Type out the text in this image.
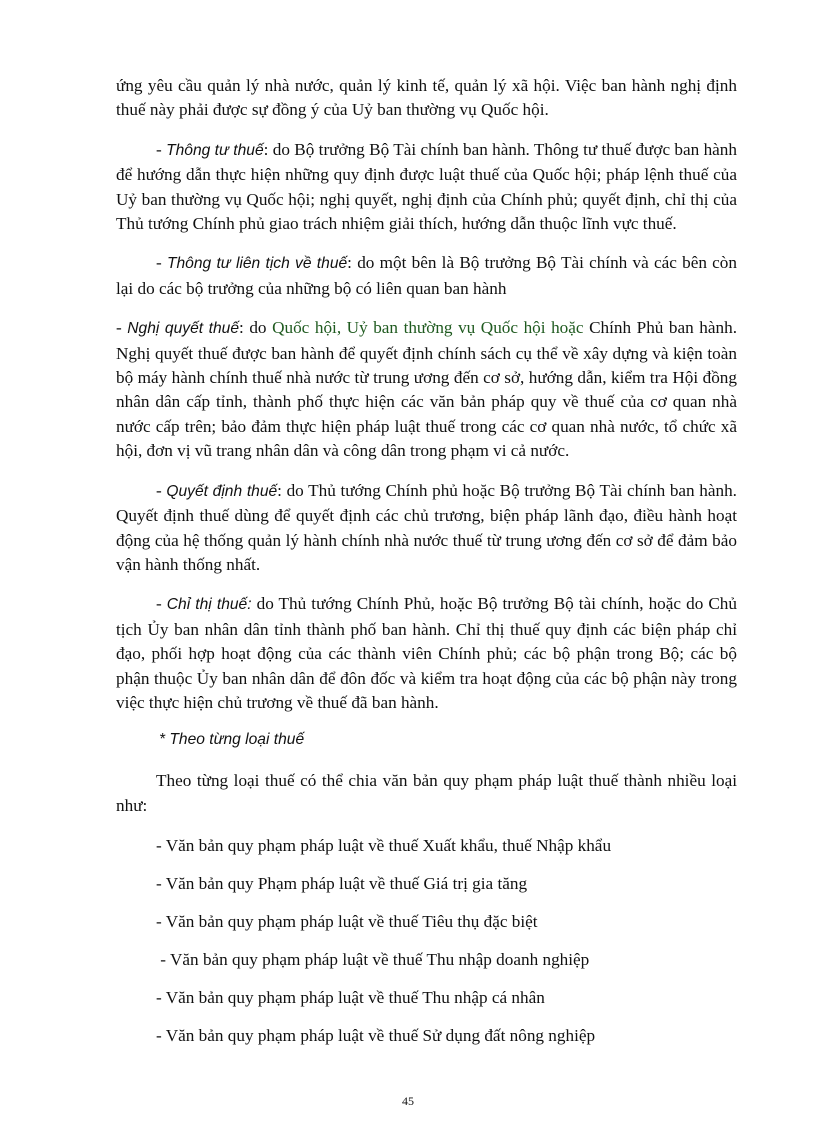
ứng yêu cầu quản lý nhà nước, quản lý kinh tế, quản lý xã hội. Việc ban hành nghị định thuế này phải được sự đồng ý của Uỷ ban thường vụ Quốc hội.

- Thông tư thuế: do Bộ trưởng Bộ Tài chính ban hành. Thông tư thuế được ban hành để hướng dẫn thực hiện những quy định được luật thuế của Quốc hội; pháp lệnh thuế của Uỷ ban thường vụ Quốc hội; nghị quyết, nghị định của Chính phủ; quyết định, chỉ thị của Thủ tướng Chính phủ giao trách nhiệm giải thích, hướng dẫn thuộc lĩnh vực thuế.

- Thông tư liên tịch về thuế: do một bên là Bộ trưởng Bộ Tài chính và các bên còn lại do các bộ trưởng của những bộ có liên quan ban hành

- Nghị quyết thuế: do Quốc hội, Uỷ ban thường vụ Quốc hội hoặc Chính Phủ ban hành. Nghị quyết thuế được ban hành để quyết định chính sách cụ thể về xây dựng và kiện toàn bộ máy hành chính thuế nhà nước từ trung ương đến cơ sở, hướng dẫn, kiểm tra Hội đồng nhân dân cấp tỉnh, thành phố thực hiện các văn bản pháp quy về thuế của cơ quan nhà nước cấp trên; bảo đảm thực hiện pháp luật thuế trong các cơ quan nhà nước, tổ chức xã hội, đơn vị vũ trang nhân dân và công dân trong phạm vi cả nước.

- Quyết định thuế: do Thủ tướng Chính phủ hoặc Bộ trưởng Bộ Tài chính ban hành. Quyết định thuế dùng để quyết định các chủ trương, biện pháp lãnh đạo, điều hành hoạt động của hệ thống quản lý hành chính nhà nước thuế từ trung ương đến cơ sở để đảm bảo vận hành thống nhất.

- Chỉ thị thuế: do Thủ tướng Chính Phủ, hoặc Bộ trưởng Bộ tài chính, hoặc do Chủ tịch Ủy ban nhân dân tỉnh thành phố ban hành. Chỉ thị thuế quy định các biện pháp chỉ đạo, phối hợp hoạt động của các thành viên Chính phủ; các bộ phận trong Bộ; các bộ phận thuộc Ủy ban nhân dân để đôn đốc và kiểm tra hoạt động của các bộ phận này trong việc thực hiện chủ trương về thuế đã ban hành.

* Theo từng loại thuế

Theo từng loại thuế có thể chia văn bản quy phạm pháp luật thuế thành nhiều loại như:

- Văn bản quy phạm pháp luật về thuế Xuất khẩu, thuế Nhập khẩu

- Văn bản quy Phạm pháp luật về thuế Giá trị gia tăng

- Văn bản quy phạm pháp luật về thuế Tiêu thụ đặc biệt

- Văn bản quy phạm pháp luật về thuế Thu nhập doanh nghiệp

- Văn bản quy phạm pháp luật về thuế Thu nhập cá nhân

- Văn bản quy phạm pháp luật về thuế Sử dụng đất nông nghiệp

45
